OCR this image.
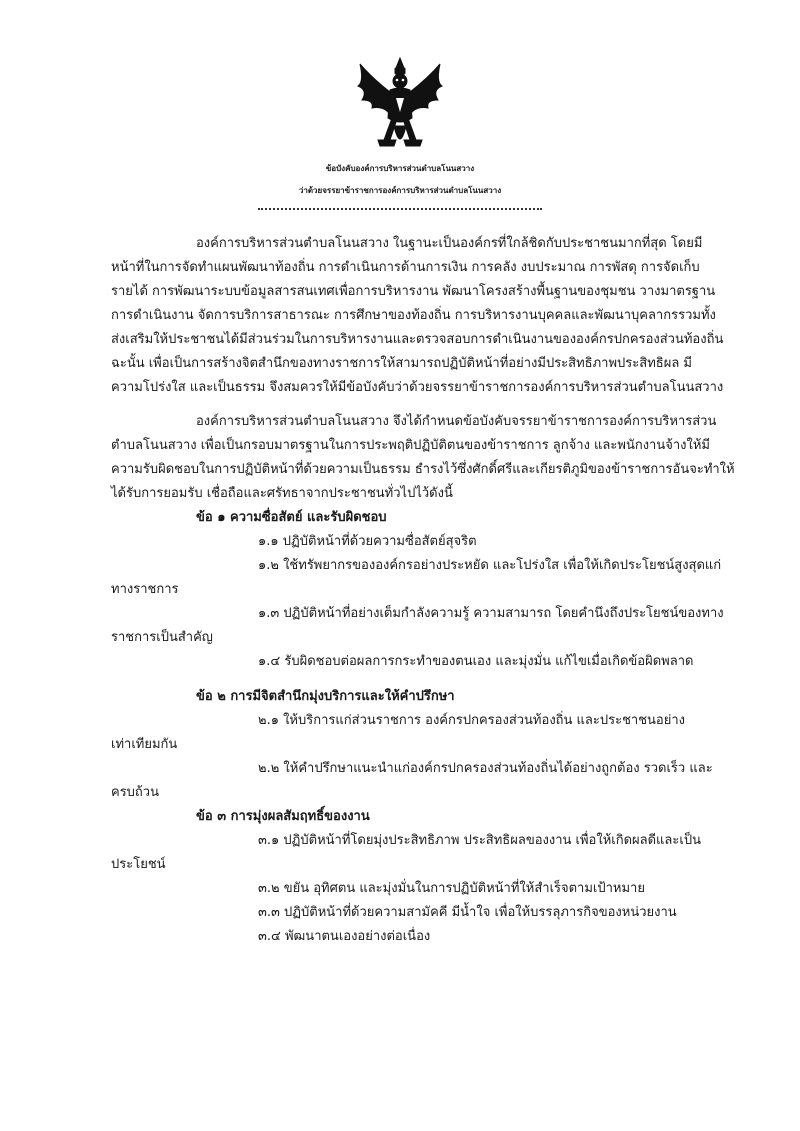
ข้อบังคับองค์การบริหารส่วนตำบลโนนสวาง
ว่าด้วยจรรยาข้าราชการองค์การบริหารส่วนตำบลโนนสวาง
องค์การบริหารส่วนตำบลโนนสวาง ในฐานะเป็นองค์กรที่ใกล้ชิดกับประชาชนมากที่สุด โดยมี
หน้าที่ในการจัดทำแผนพัฒนาท้องถิ่น การดำเนินการด้านการเงิน การคลัง งบประมาณ การพัสดุ การจัดเก็บ
รายได้ การพัฒนาระบบข้อมูลสารสนเทศเพื่อการบริหารงาน พัฒนาโครงสร้างพื้นฐานของชุมชน วางมาตรฐาน
การดำเนินงาน จัดการบริการสาธารณะ การศึกษาของท้องถิ่น การบริหารงานบุคคลและพัฒนาบุคลากรรวมทั้ง
ส่งเสริมให้ประชาชนได้มีส่วนร่วมในการบริหารงานและตรวจสอบการดำเนินงานขององค์กรปกครองส่วนท้องถิ่น
ฉะนั้น เพื่อเป็นการสร้างจิตสำนึกของทางราชการให้สามารถปฏิบัติหน้าที่อย่างมีประสิทธิภาพประสิทธิผล มี
ความโปร่งใส และเป็นธรรม จึงสมควรให้มีข้อบังคับว่าด้วยจรรยาข้าราชการองค์การบริหารส่วนตำบลโนนสวาง
องค์การบริหารส่วนตำบลโนนสวาง จึงได้กำหนดข้อบังคับจรรยาข้าราชการองค์การบริหารส่วน
ตำบลโนนสวาง เพื่อเป็นกรอบมาตรฐานในการประพฤติปฏิบัติตนของข้าราชการ ลูกจ้าง และพนักงานจ้างให้มี
ความรับผิดชอบในการปฏิบัติหน้าที่ด้วยความเป็นธรรม ธำรงไว้ซึ่งศักดิ์ศรีและเกียรติภูมิของข้าราชการอันจะทำให้
ได้รับการยอมรับ เชื่อถือและศรัทธาจากประชาชนทั่วไปไว้ดังนี้
ข้อ ๑ ความซื่อสัตย์ และรับผิดชอบ
๑.๑ ปฏิบัติหน้าที่ด้วยความซื่อสัตย์สุจริต
๑.๒ ใช้ทรัพยากรขององค์กรอย่างประหยัด และโปร่งใส เพื่อให้เกิดประโยชน์สูงสุดแก่
ทางราชการ
๑.๓ ปฏิบัติหน้าที่อย่างเต็มกำลังความรู้ ความสามารถ โดยคำนึงถึงประโยชน์ของทาง
ราชการเป็นสำคัญ
๑.๔ รับผิดชอบต่อผลการกระทำของตนเอง และมุ่งมั่น แก้ไขเมื่อเกิดข้อผิดพลาด
ข้อ ๒ การมีจิตสำนึกมุ่งบริการและให้คำปรึกษา
๒.๑ ให้บริการแก่ส่วนราชการ องค์กรปกครองส่วนท้องถิ่น และประชาชนอย่าง
เท่าเทียมกัน
๒.๒ ให้คำปรึกษาแนะนำแก่องค์กรปกครองส่วนท้องถิ่นได้อย่างถูกต้อง รวดเร็ว และ
ครบถ้วน
ข้อ ๓ การมุ่งผลสัมฤทธิ์ของงาน
๓.๑ ปฏิบัติหน้าที่โดยมุ่งประสิทธิภาพ ประสิทธิผลของงาน เพื่อให้เกิดผลดีและเป็น
ประโยชน์
๓.๒ ขยัน อุทิศตน และมุ่งมั่นในการปฏิบัติหน้าที่ให้สำเร็จตามเป้าหมาย
๓.๓ ปฏิบัติหน้าที่ด้วยความสามัคคี มีน้ำใจ เพื่อให้บรรลุภารกิจของหน่วยงาน
๓.๔ พัฒนาตนเองอย่างต่อเนื่อง
